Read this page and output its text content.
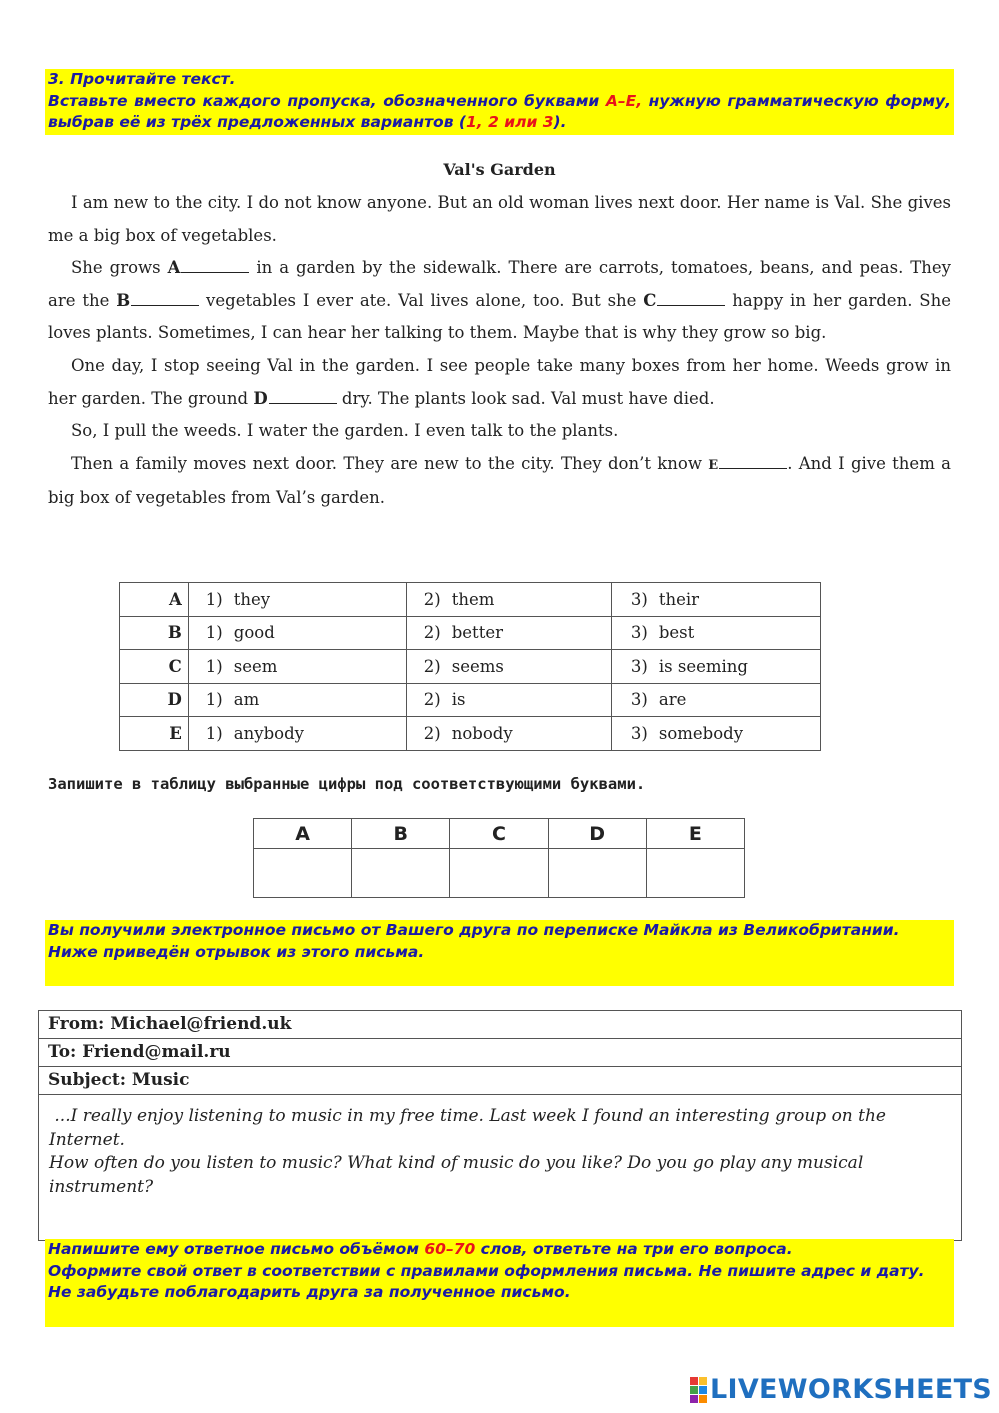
3. Прочитайте текст.

Вставьте вместо каждого пропуска, обозначенного буквами A–E, нужную грамматическую форму, выбрав её из трёх предложенных вариантов (1, 2 или 3).

Val's Garden

I am new to the city. I do not know anyone. But an old woman lives next door. Her name is Val. She gives me a big box of vegetables.

She grows A	in a garden by the sidewalk. There are carrots, tomatoes, beans, and peas. They are the B	vegetables I ever ate. Val lives alone, too. But she C	happy in her garden. She loves plants. Sometimes, I can hear her talking to them. Maybe that is why they grow so big.

One day, I stop seeing Val in the garden. I see people take many boxes from her home. Weeds grow in her garden. The ground D	dry. The plants look sad. Val must have died.

So, I pull the weeds. I water the garden. I even talk to the plants.

Then a family moves next door. They are new to the city. They don’t know E	. And I give them a big box of vegetables from Val’s garden.

A	1) they	2) them	3) their
B	1) good	2) better	3) best
C	1) seem	2) seems	3) is seeming
D	1) am	2) is	3) are
E	1) anybody	2) nobody	3) somebody
Запишите в таблицу выбранные цифры под соответствующими буквами.
A	B	C	D	E

Вы получили электронное письмо от Вашего друга по переписке Майкла из Великобритании.

Ниже приведён отрывок из этого письма.

From: Michael@friend.uk
To: Friend@mail.ru
Subject: Music

...I really enjoy listening to music in my free time. Last week I found an interesting group on the Internet.

How often do you listen to music? What kind of music do you like? Do you go play any musical instrument?

Напишите ему ответное письмо объёмом 60–70 слов, ответьте на три его вопроса.

Оформите свой ответ в соответствии с правилами оформления письма. Не пишите адрес и дату.

Не забудьте поблагодарить друга за полученное письмо.

LIVEWORKSHEETS
